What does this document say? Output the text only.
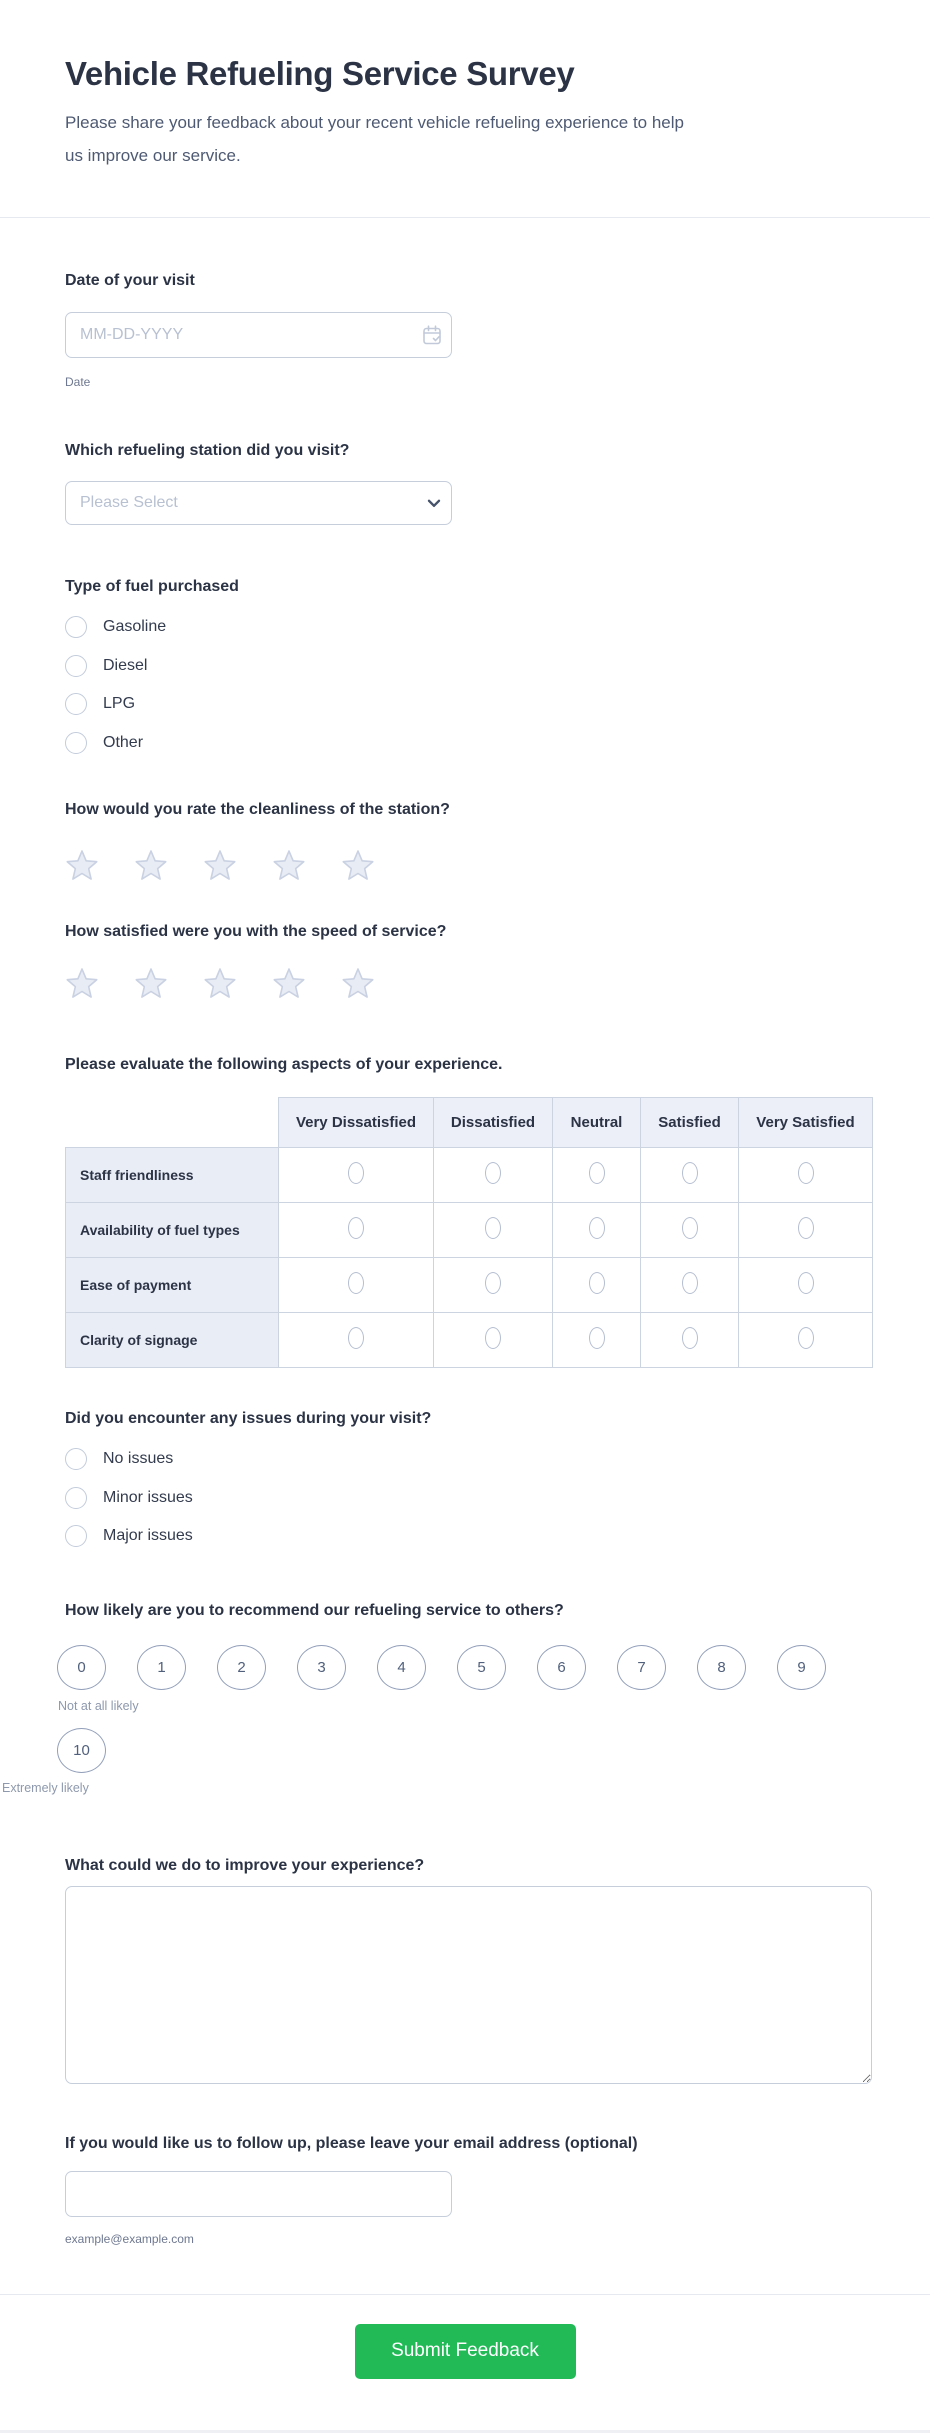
Vehicle Refueling Service Survey

Please share your feedback about your recent vehicle refueling experience to help
us improve our service.

Date of your visit
MM-DD-YYYY
Date
Which refueling station did you visit?
Please Select
Type of fuel purchased
Gasoline
Diesel
LPG
Other
How would you rate the cleanliness of the station?
How satisfied were you with the speed of service?
Please evaluate the following aspects of your experience.
	Very Dissatisfied	Dissatisfied	Neutral	Satisfied	Very Satisfied
Staff friendliness					
Availability of fuel types					
Ease of payment					
Clarity of signage					
Did you encounter any issues during your visit?
No issues
Minor issues
Major issues
How likely are you to recommend our refueling service to others?
0	1	2	3	4	5	6	7	8	9
Not at all likely
10
Extremely likely
What could we do to improve your experience?
If you would like us to follow up, please leave your email address (optional)
example@example.com
Submit Feedback
